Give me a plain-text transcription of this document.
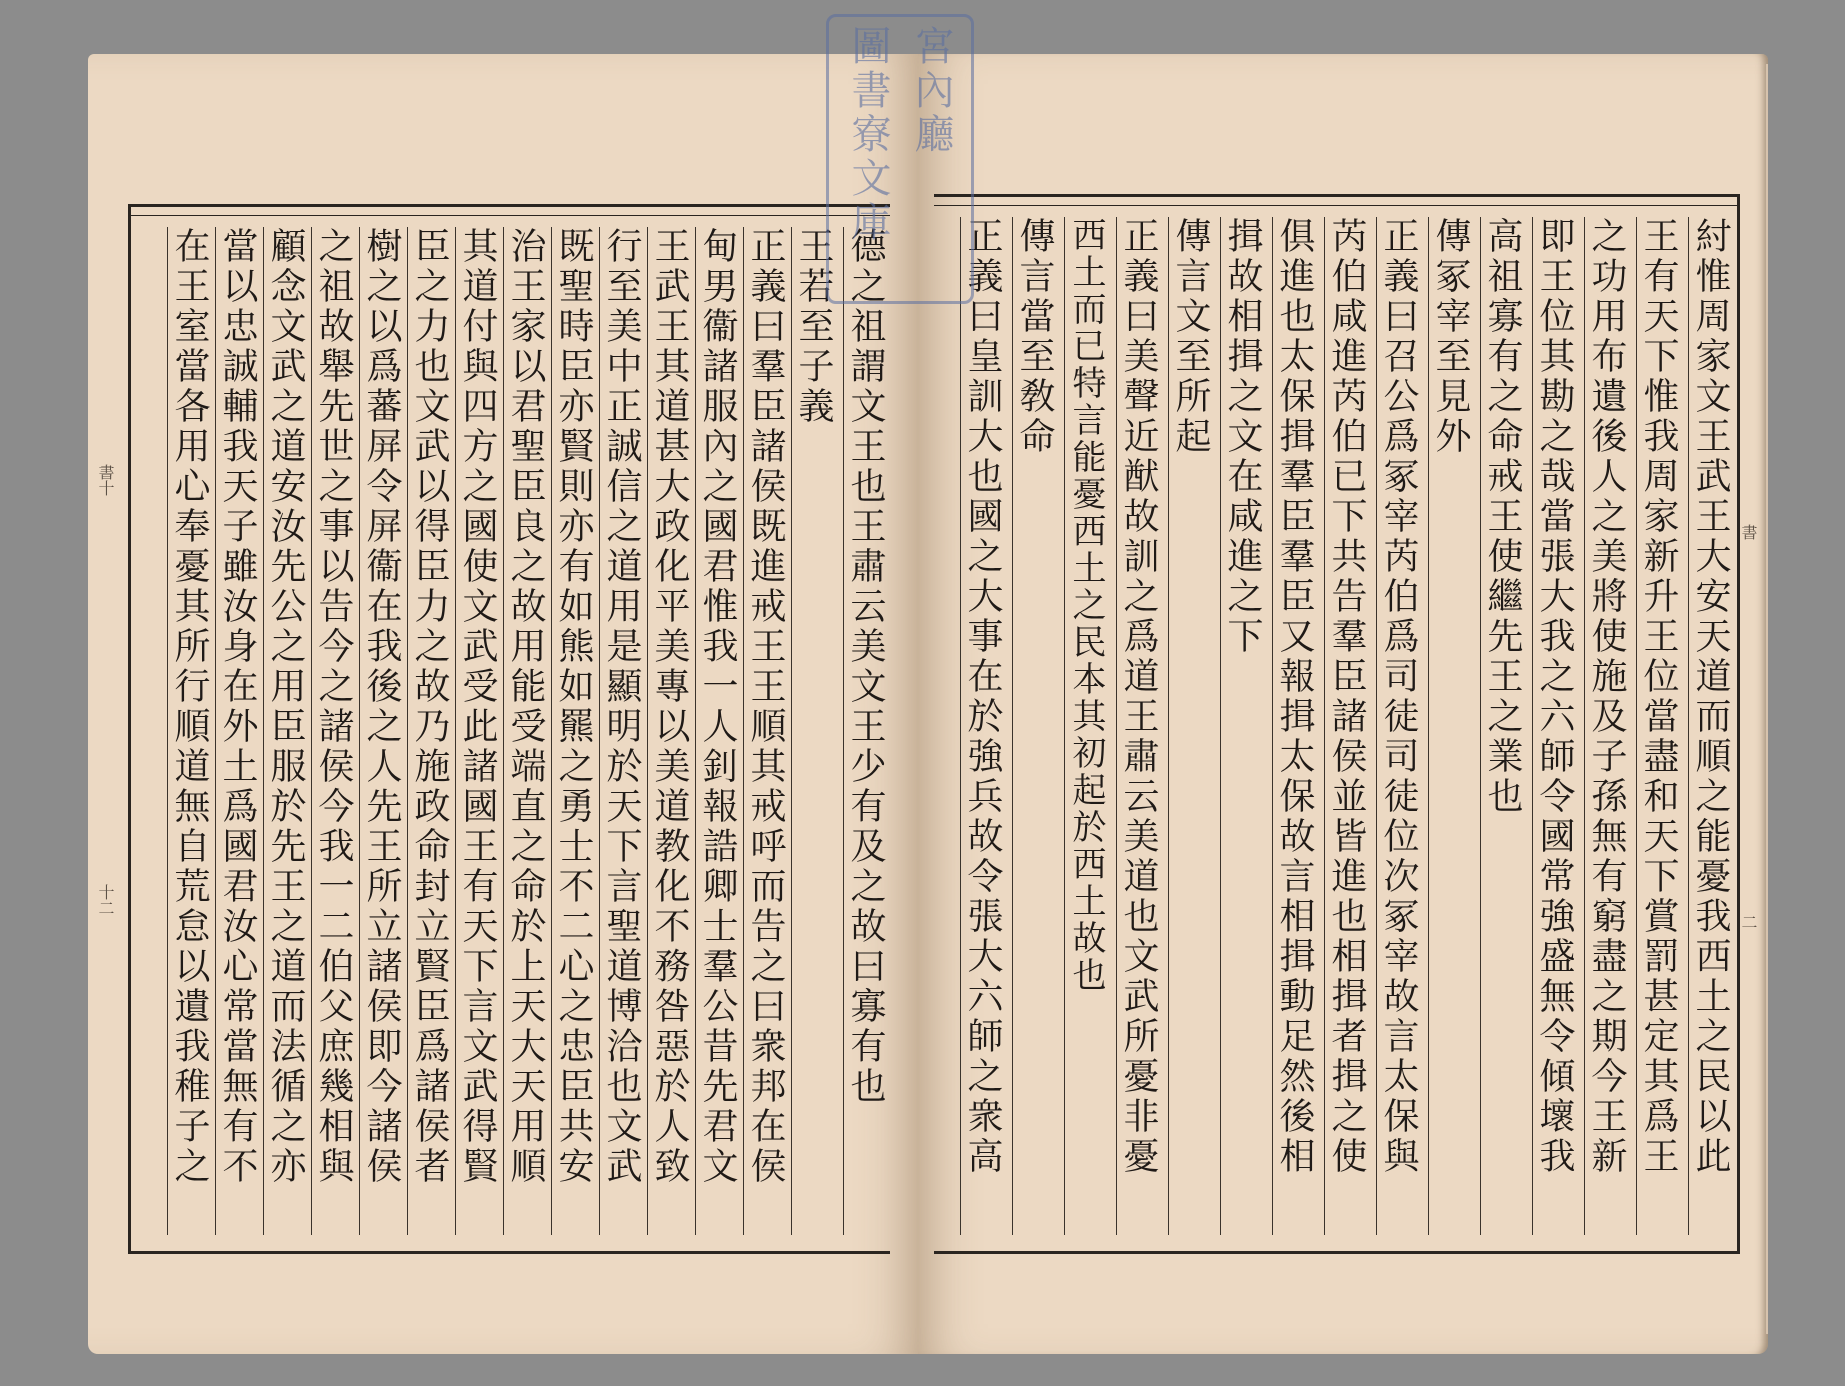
德之祖謂文王也王肅云美文王少有及之故曰寡有也
王若至子義
正義曰羣臣諸侯既進戒王王順其戒呼而告之曰衆邦在侯
甸男衞諸服內之國君惟我一人釗報誥卿士羣公昔先君文
王武王其道甚大政化平美專以美道教化不務咎惡於人致
行至美中正誠信之道用是顯明於天下言聖道博洽也文武
既聖時臣亦賢則亦有如熊如羆之勇士不二心之忠臣共安
治王家以君聖臣良之故用能受端直之命於上天大天用順
其道付與四方之國使文武受此諸國王有天下言文武得賢
臣之力也文武以得臣力之故乃施政命封立賢臣爲諸侯者
樹之以爲蕃屏令屏衞在我後之人先王所立諸侯即今諸侯
之祖故舉先世之事以告今之諸侯今我一二伯父庶幾相與
顧念文武之道安汝先公之用臣服於先王之道而法循之亦
當以忠誠輔我天子雖汝身在外土爲國君汝心常當無有不
在王室當各用心奉憂其所行順道無自荒怠以遺我稚子之
書十
十二	紂惟周家文王武王大安天道而順之能憂我西土之民以此
王有天下惟我周家新升王位當盡和天下賞罰甚定其爲王
之功用布遺後人之美將使施及子孫無有窮盡之期今王新
即王位其勘之哉當張大我之六師令國常強盛無令傾壞我
高祖寡有之命戒王使繼先王之業也
傳冢宰至見外
正義曰召公爲冢宰芮伯爲司徒司徒位次冢宰故言太保與
芮伯咸進芮伯已下共告羣臣諸侯並皆進也相揖者揖之使
俱進也太保揖羣臣羣臣又報揖太保故言相揖動足然後相
揖故相揖之文在咸進之下
傳言文至所起
正義曰美聲近猷故訓之爲道王肅云美道也文武所憂非憂
西土而已特言能憂西土之民本其初起於西土故也
傳言當至敎命
正義曰皇訓大也國之大事在於強兵故令張大六師之衆高	書
二
宮內廳
圖書寮文庫
